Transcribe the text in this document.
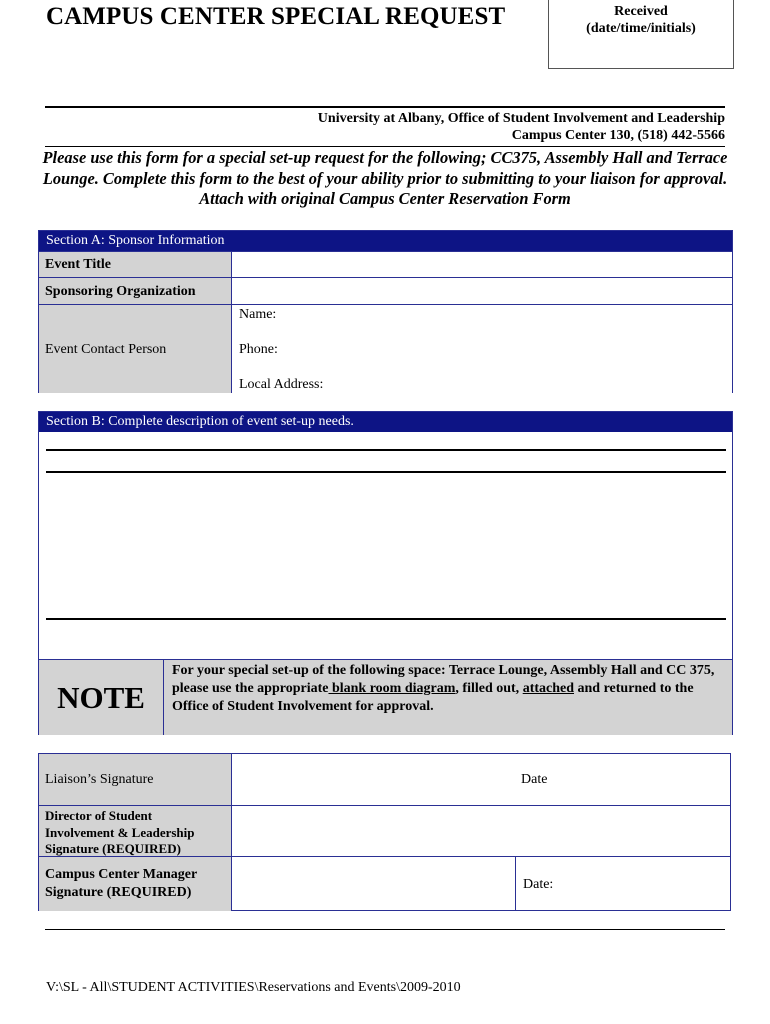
CAMPUS CENTER SPECIAL REQUEST	Received
(date/time/initials)
University at Albany, Office of Student Involvement and Leadership
Campus Center 130, (518) 442-5566
Please use this form for a special set-up request for the following; CC375, Assembly Hall and Terrace Lounge. Complete this form to the best of your ability prior to submitting to your liaison for approval. Attach with original Campus Center Reservation Form
Section A: Sponsor Information
Event Title
Sponsoring Organization
Event Contact Person
Name:
Phone:
Local Address:
Section B: Complete description of event set-up needs.
NOTE
For your special set-up of the following space: Terrace Lounge, Assembly Hall and CC 375, please use the appropriate blank room diagram, filled out, attached and returned to the Office of Student Involvement for approval.
Liaison’s Signature	Date
Director of Student
Involvement & Leadership
Signature (REQUIRED)
Campus Center Manager
Signature (REQUIRED)
Date:
V:\SL - All\STUDENT ACTIVITIES\Reservations and Events\2009-2010
